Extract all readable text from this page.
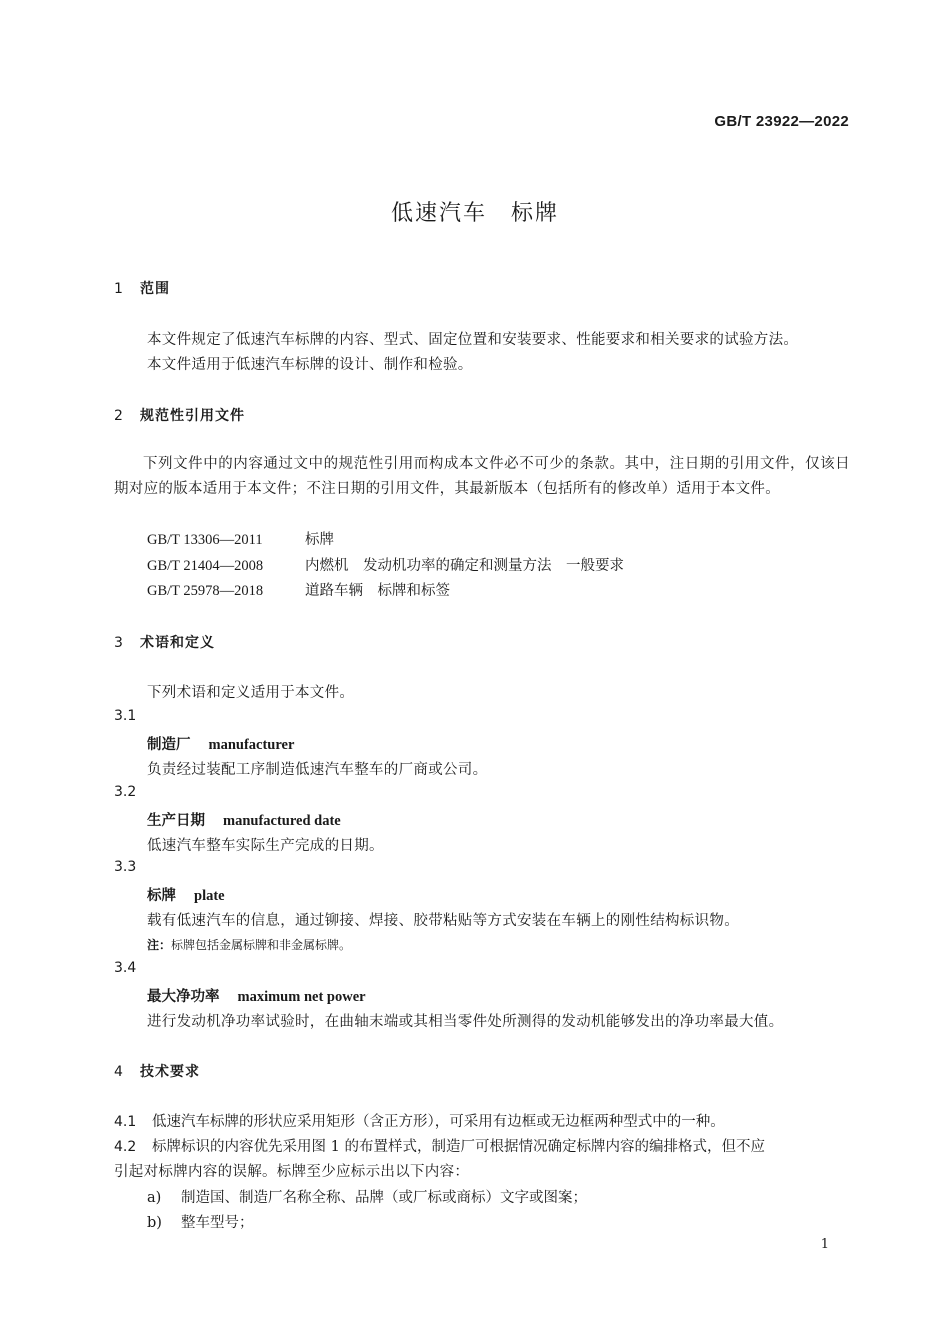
GB/T 23922—2022
低速汽车　标牌
1 范围
本文件规定了低速汽车标牌的内容、型式、固定位置和安装要求、性能要求和相关要求的试验方法。
本文件适用于低速汽车标牌的设计、制作和检验。
2 规范性引用文件
下列文件中的内容通过文中的规范性引用而构成本文件必不可少的条款。其中，注日期的引用文件，仅该日期对应的版本适用于本文件；不注日期的引用文件，其最新版本（包括所有的修改单）适用于本文件。
GB/T 13306—2011	标牌
GB/T 21404—2008	内燃机　发动机功率的确定和测量方法　一般要求
GB/T 25978—2018	道路车辆　标牌和标签
3 术语和定义
下列术语和定义适用于本文件。
3.1
制造厂 manufacturer
负责经过装配工序制造低速汽车整车的厂商或公司。
3.2
生产日期 manufactured date
低速汽车整车实际生产完成的日期。
3.3
标牌 plate
载有低速汽车的信息，通过铆接、焊接、胶带粘贴等方式安装在车辆上的刚性结构标识物。
注：标牌包括金属标牌和非金属标牌。
3.4
最大净功率 maximum net power
进行发动机净功率试验时，在曲轴末端或其相当零件处所测得的发动机能够发出的净功率最大值。
4 技术要求
4.1 低速汽车标牌的形状应采用矩形（含正方形），可采用有边框或无边框两种型式中的一种。
4.2 标牌标识的内容优先采用图 1 的布置样式，制造厂可根据情况确定标牌内容的编排格式，但不应
引起对标牌内容的误解。标牌至少应标示出以下内容：
a) 制造国、制造厂名称全称、品牌（或厂标或商标）文字或图案；
b) 整车型号；
1
